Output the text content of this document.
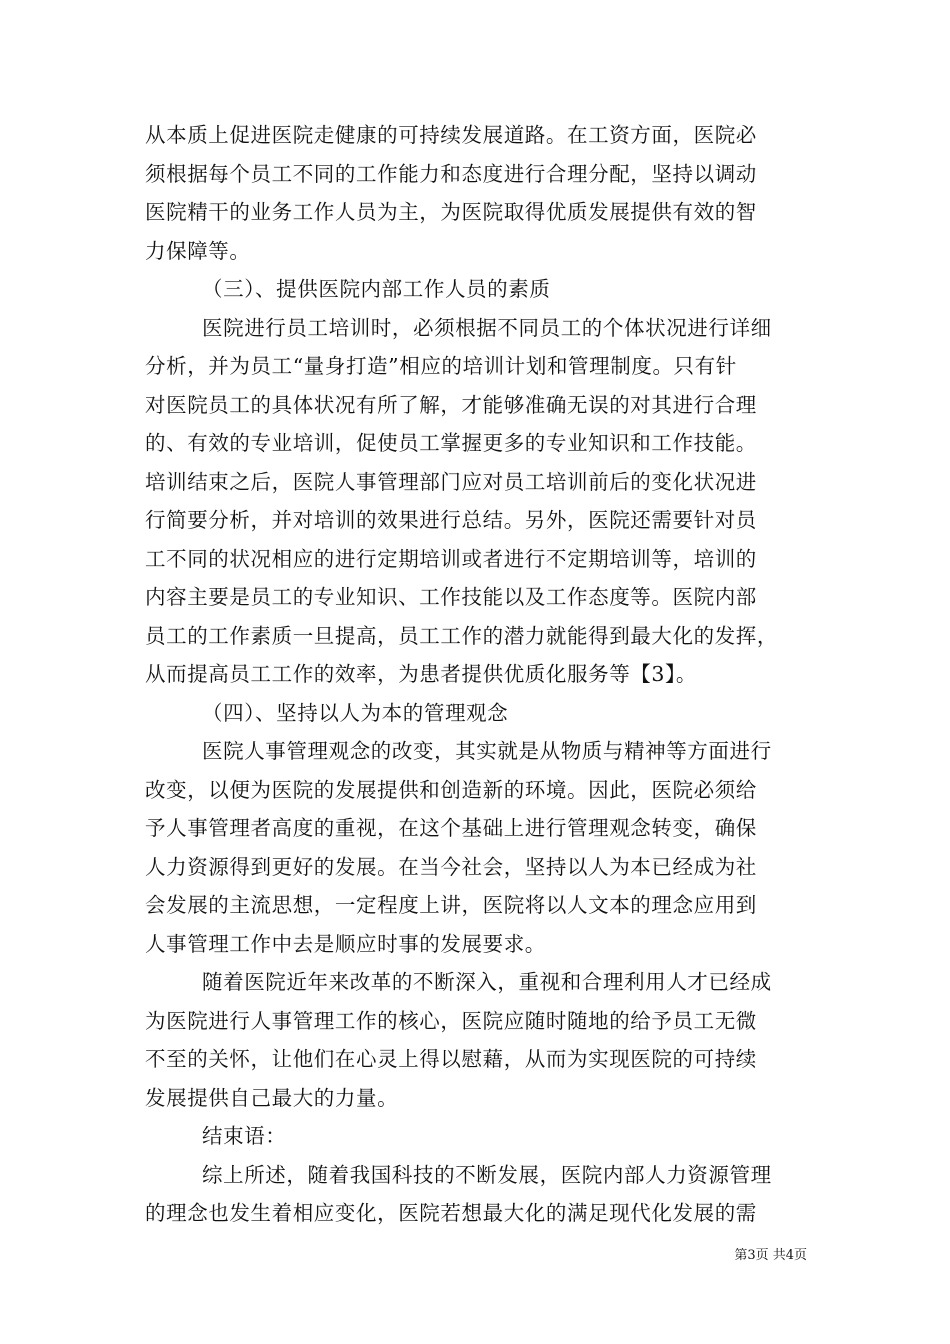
从本质上促进医院走健康的可持续发展道路。在工资方面，医院必
须根据每个员工不同的工作能力和态度进行合理分配，坚持以调动
医院精干的业务工作人员为主，为医院取得优质发展提供有效的智
力保障等。
（三）、提供医院内部工作人员的素质
医院进行员工培训时，必须根据不同员工的个体状况进行详细
分析，并为员工“量身打造”相应的培训计划和管理制度。只有针
对医院员工的具体状况有所了解，才能够准确无误的对其进行合理
的、有效的专业培训，促使员工掌握更多的专业知识和工作技能。
培训结束之后，医院人事管理部门应对员工培训前后的变化状况进
行简要分析，并对培训的效果进行总结。另外，医院还需要针对员
工不同的状况相应的进行定期培训或者进行不定期培训等，培训的
内容主要是员工的专业知识、工作技能以及工作态度等。医院内部
员工的工作素质一旦提高，员工工作的潜力就能得到最大化的发挥，
从而提高员工工作的效率，为患者提供优质化服务等【3】。
（四）、坚持以人为本的管理观念
医院人事管理观念的改变，其实就是从物质与精神等方面进行
改变，以便为医院的发展提供和创造新的环境。因此，医院必须给
予人事管理者高度的重视，在这个基础上进行管理观念转变，确保
人力资源得到更好的发展。在当今社会，坚持以人为本已经成为社
会发展的主流思想，一定程度上讲，医院将以人文本的理念应用到
人事管理工作中去是顺应时事的发展要求。
随着医院近年来改革的不断深入，重视和合理利用人才已经成
为医院进行人事管理工作的核心，医院应随时随地的给予员工无微
不至的关怀，让他们在心灵上得以慰藉，从而为实现医院的可持续
发展提供自己最大的力量。
结束语：
综上所述，随着我国科技的不断发展，医院内部人力资源管理
的理念也发生着相应变化，医院若想最大化的满足现代化发展的需
第3页 共4页
